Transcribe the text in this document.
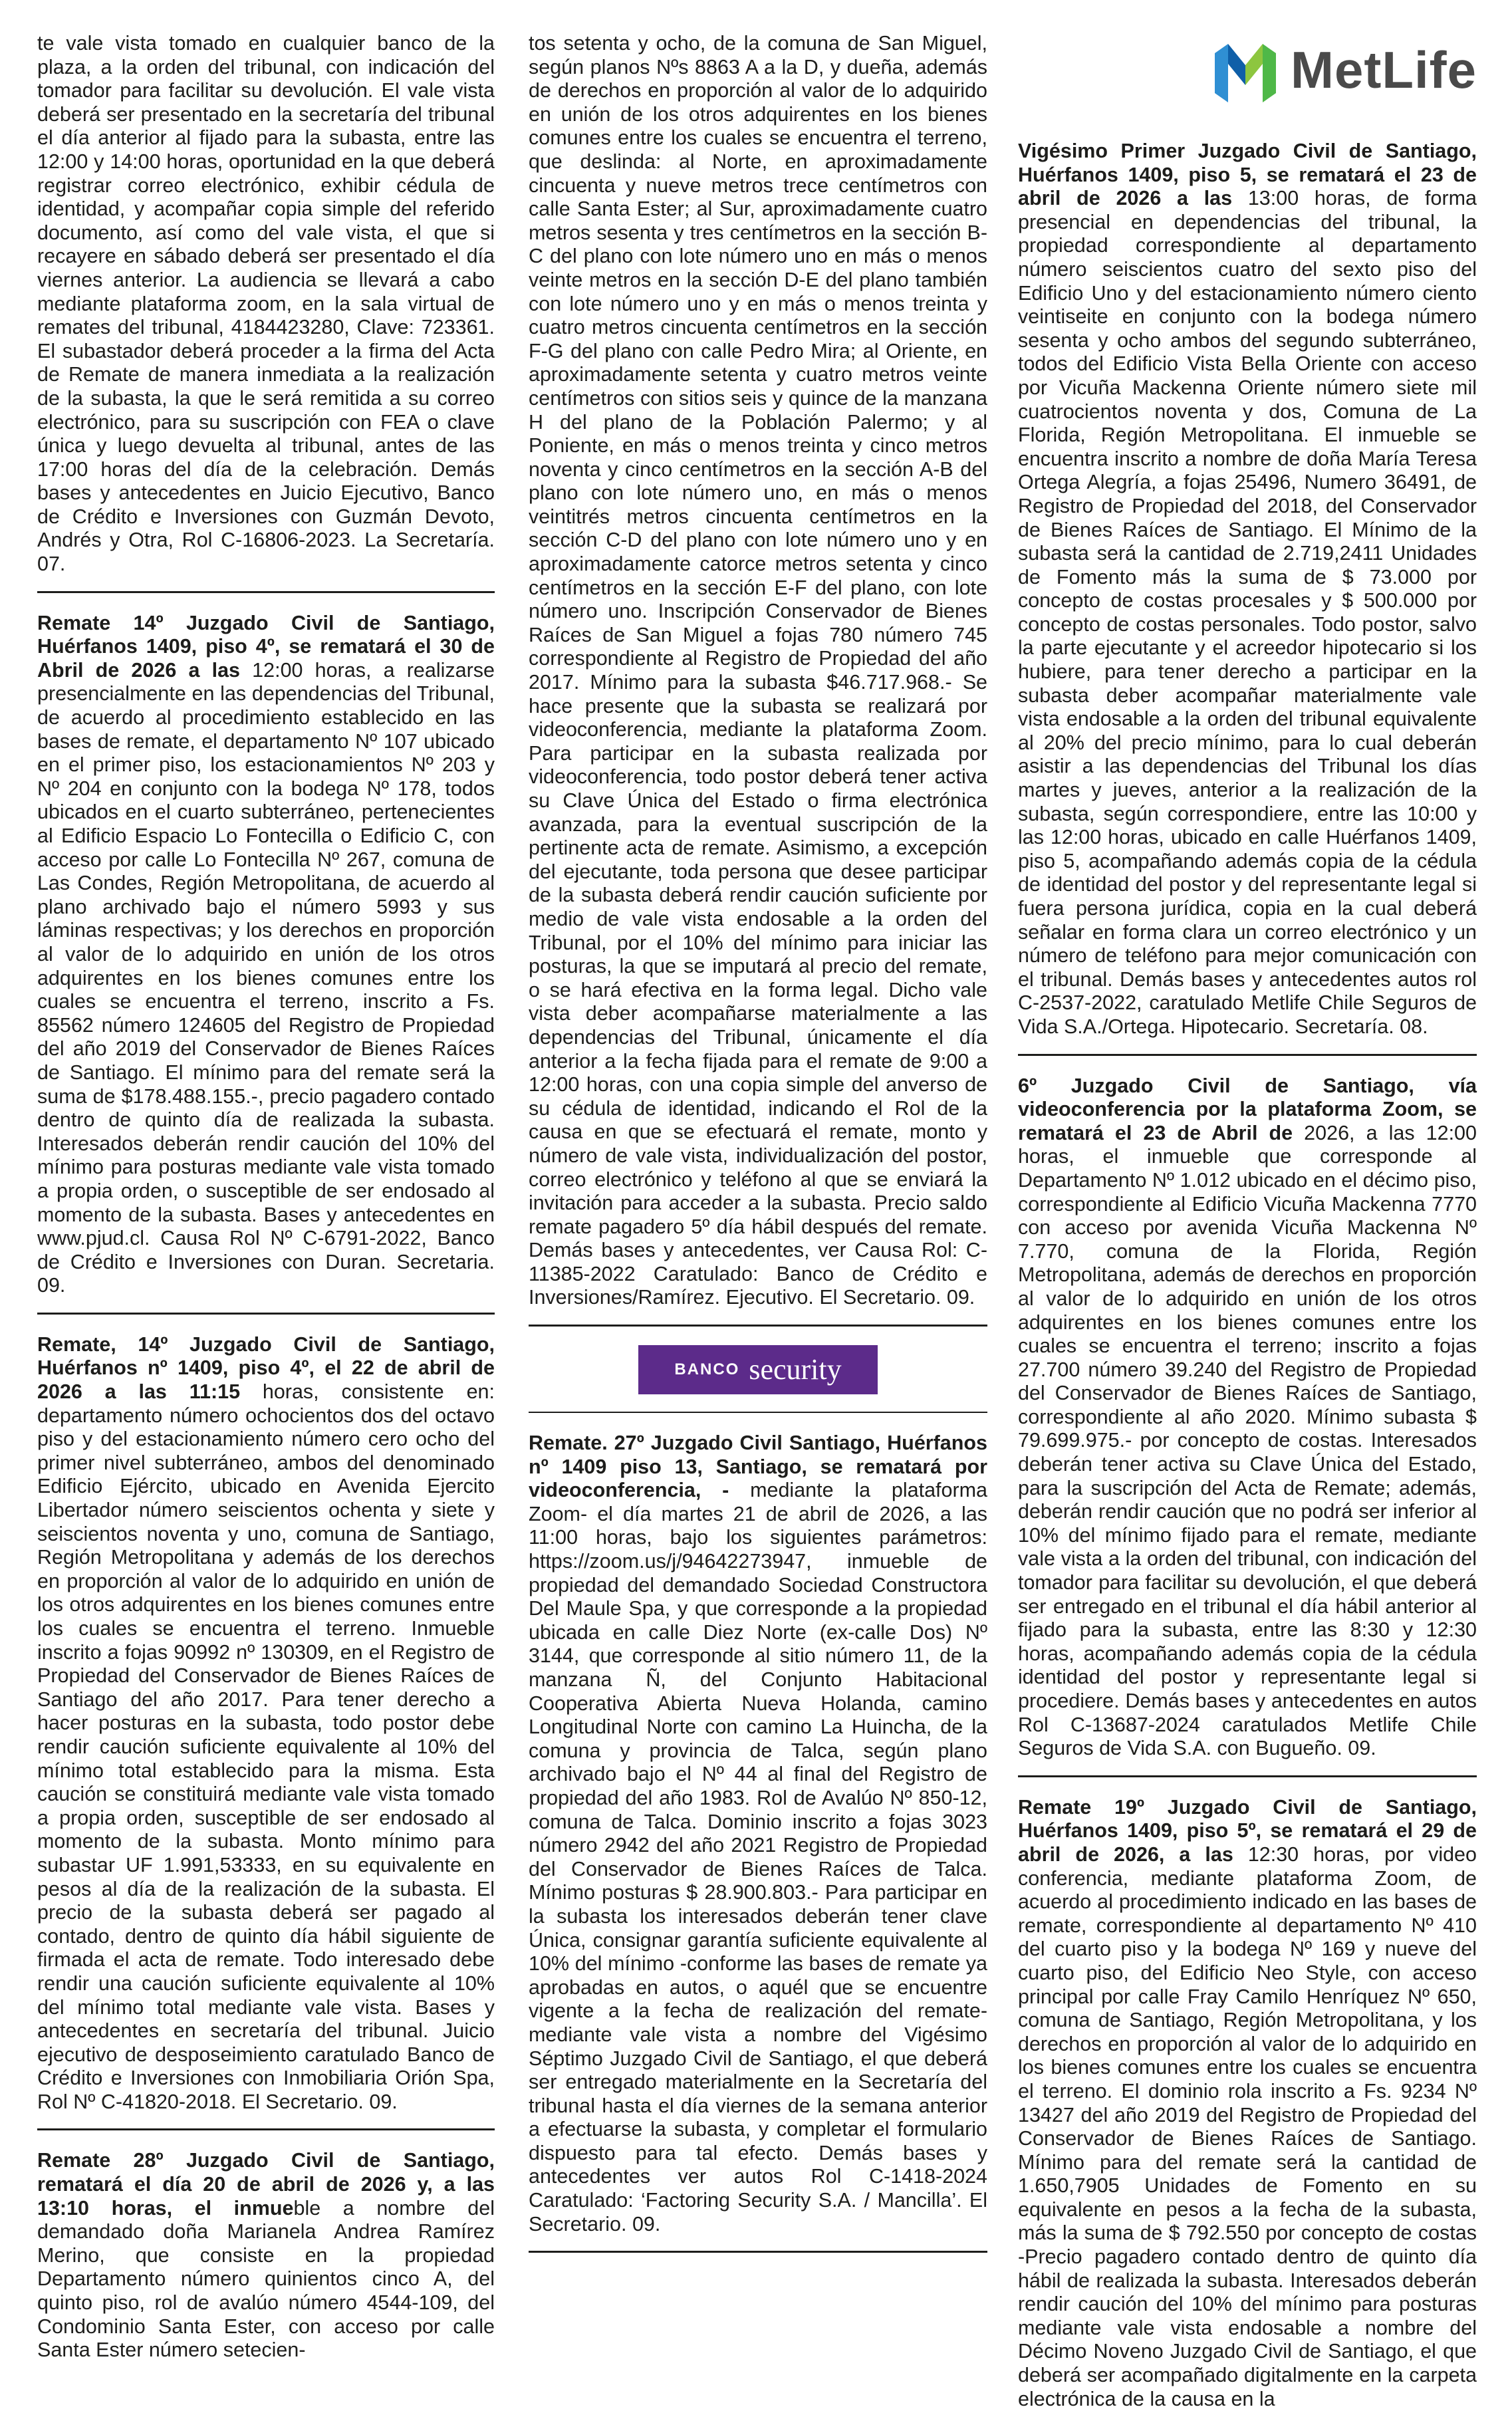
te vale vista tomado en cualquier banco de la plaza, a la orden del tribunal, con indicación del tomador para facilitar su devolución. El vale vista deberá ser presentado en la secretaría del tribunal el día anterior al fijado para la subasta, entre las 12:00 y 14:00 horas, oportunidad en la que deberá registrar correo electrónico, exhibir cédula de identidad, y acompañar copia simple del referido documento, así como del vale vista, el que si recayere en sábado deberá ser presentado el día viernes anterior. La audiencia se llevará a cabo mediante plataforma zoom, en la sala virtual de remates del tribunal, 4184423280, Clave: 723361. El subastador deberá proceder a la firma del Acta de Remate de manera inmediata a la realización de la subasta, la que le será remitida a su correo electrónico, para su suscripción con FEA o clave única y luego devuelta al tribunal, antes de las 17:00 horas del día de la celebración. Demás bases y antecedentes en Juicio Ejecutivo, Banco de Crédito e Inversiones con Guzmán Devoto, Andrés y Otra, Rol C-16806-2023. La Secretaría. 07.

Remate 14º Juzgado Civil de Santiago, Huérfanos 1409, piso 4º, se rematará el 30 de Abril de 2026 a las 12:00 horas, a realizarse presencialmente en las dependencias del Tribunal, de acuerdo al procedimiento establecido en las bases de remate, el departamento Nº 107 ubicado en el primer piso, los estacionamientos Nº 203 y Nº 204 en conjunto con la bodega Nº 178, todos ubicados en el cuarto subterráneo, pertenecientes al Edificio Espacio Lo Fontecilla o Edificio C, con acceso por calle Lo Fontecilla Nº 267, comuna de Las Condes, Región Metropolitana, de acuerdo al plano archivado bajo el número 5993 y sus láminas respectivas; y los derechos en proporción al valor de lo adquirido en unión de los otros adquirentes en los bienes comunes entre los cuales se encuentra el terreno, inscrito a Fs. 85562 número 124605 del Registro de Propiedad del año 2019 del Conservador de Bienes Raíces de Santiago. El mínimo para del remate será la suma de $178.488.155.-, precio pagadero contado dentro de quinto día de realizada la subasta. Interesados deberán rendir caución del 10% del mínimo para posturas mediante vale vista tomado a propia orden, o susceptible de ser endosado al momento de la subasta. Bases y antecedentes en www.pjud.cl. Causa Rol Nº C-6791-2022, Banco de Crédito e Inversiones con Duran. Secretaria. 09.

Remate, 14º Juzgado Civil de Santiago, Huérfanos nº 1409, piso 4º, el 22 de abril de 2026 a las 11:15 horas, consistente en: departamento número ochocientos dos del octavo piso y del estacionamiento número cero ocho del primer nivel subterráneo, ambos del denominado Edificio Ejército, ubicado en Avenida Ejercito Libertador número seiscientos ochenta y siete y seiscientos noventa y uno, comuna de Santiago, Región Metropolitana y además de los derechos en proporción al valor de lo adquirido en unión de los otros adquirentes en los bienes comunes entre los cuales se encuentra el terreno. Inmueble inscrito a fojas 90992 nº 130309, en el Registro de Propiedad del Conservador de Bienes Raíces de Santiago del año 2017. Para tener derecho a hacer posturas en la subasta, todo postor debe rendir caución suficiente equivalente al 10% del mínimo total establecido para la misma. Esta caución se constituirá mediante vale vista tomado a propia orden, susceptible de ser endosado al momento de la subasta. Monto mínimo para subastar UF 1.991,53333, en su equivalente en pesos al día de la realización de la subasta. El precio de la subasta deberá ser pagado al contado, dentro de quinto día hábil siguiente de firmada el acta de remate. Todo interesado debe rendir una caución suficiente equivalente al 10% del mínimo total mediante vale vista. Bases y antecedentes en secretaría del tribunal. Juicio ejecutivo de desposeimiento caratulado Banco de Crédito e Inversiones con Inmobiliaria Orión Spa, Rol Nº C-41820-2018. El Secretario. 09.

Remate 28º Juzgado Civil de Santiago, rematará el día 20 de abril de 2026 y, a las 13:10 horas, el inmueble a nombre del demandado doña Marianela Andrea Ramírez Merino, que consiste en la propiedad Departamento número quinientos cinco A, del quinto piso, rol de avalúo número 4544-109, del Condominio Santa Ester, con acceso por calle Santa Ester número setecien-

tos setenta y ocho, de la comuna de San Miguel, según planos Nºs 8863 A a la D, y dueña, además de derechos en proporción al valor de lo adquirido en unión de los otros adquirentes en los bienes comunes entre los cuales se encuentra el terreno, que deslinda: al Norte, en aproximadamente cincuenta y nueve metros trece centímetros con calle Santa Ester; al Sur, aproximadamente cuatro metros sesenta y tres centímetros en la sección B-C del plano con lote número uno en más o menos veinte metros en la sección D-E del plano también con lote número uno y en más o menos treinta y cuatro metros cincuenta centímetros en la sección F-G del plano con calle Pedro Mira; al Oriente, en aproximadamente setenta y cuatro metros veinte centímetros con sitios seis y quince de la manzana H del plano de la Población Palermo; y al Poniente, en más o menos treinta y cinco metros noventa y cinco centímetros en la sección A-B del plano con lote número uno, en más o menos veintitrés metros cincuenta centímetros en la sección C-D del plano con lote número uno y en aproximadamente catorce metros setenta y cinco centímetros en la sección E-F del plano, con lote número uno. Inscripción Conservador de Bienes Raíces de San Miguel a fojas 780 número 745 correspondiente al Registro de Propiedad del año 2017. Mínimo para la subasta $46.717.968.- Se hace presente que la subasta se realizará por videoconferencia, mediante la plataforma Zoom. Para participar en la subasta realizada por videoconferencia, todo postor deberá tener activa su Clave Única del Estado o firma electrónica avanzada, para la eventual suscripción de la pertinente acta de remate. Asimismo, a excepción del ejecutante, toda persona que desee participar de la subasta deberá rendir caución suficiente por medio de vale vista endosable a la orden del Tribunal, por el 10% del mínimo para iniciar las posturas, la que se imputará al precio del remate, o se hará efectiva en la forma legal. Dicho vale vista deber acompañarse materialmente a las dependencias del Tribunal, únicamente el día anterior a la fecha fijada para el remate de 9:00 a 12:00 horas, con una copia simple del anverso de su cédula de identidad, indicando el Rol de la causa en que se efectuará el remate, monto y número de vale vista, individualización del postor, correo electrónico y teléfono al que se enviará la invitación para acceder a la subasta. Precio saldo remate pagadero 5º día hábil después del remate. Demás bases y antecedentes, ver Causa Rol: C-11385-2022 Caratulado: Banco de Crédito e Inversiones/Ramírez. Ejecutivo. El Secretario. 09.

BANCO security

Remate. 27º Juzgado Civil Santiago, Huérfanos nº 1409 piso 13, Santiago, se rematará por videoconferencia, - mediante la plataforma Zoom- el día martes 21 de abril de 2026, a las 11:00 horas, bajo los siguientes parámetros: https://zoom.us/j/94642273947, inmueble de propiedad del demandado Sociedad Constructora Del Maule Spa, y que corresponde a la propiedad ubicada en calle Diez Norte (ex-calle Dos) Nº 3144, que corresponde al sitio número 11, de la manzana Ñ, del Conjunto Habitacional Cooperativa Abierta Nueva Holanda, camino Longitudinal Norte con camino La Huincha, de la comuna y provincia de Talca, según plano archivado bajo el Nº 44 al final del Registro de propiedad del año 1983. Rol de Avalúo Nº 850-12, comuna de Talca. Dominio inscrito a fojas 3023 número 2942 del año 2021 Registro de Propiedad del Conservador de Bienes Raíces de Talca. Mínimo posturas $ 28.900.803.- Para participar en la subasta los interesados deberán tener clave Única, consignar garantía suficiente equivalente al 10% del mínimo -conforme las bases de remate ya aprobadas en autos, o aquél que se encuentre vigente a la fecha de realización del remate- mediante vale vista a nombre del Vigésimo Séptimo Juzgado Civil de Santiago, el que deberá ser entregado materialmente en la Secretaría del tribunal hasta el día viernes de la semana anterior a efectuarse la subasta, y completar el formulario dispuesto para tal efecto. Demás bases y antecedentes ver autos Rol C-1418-2024 Caratulado: ‘Factoring Security S.A. / Mancilla’. El Secretario. 09.

MetLife

Vigésimo Primer Juzgado Civil de Santiago, Huérfanos 1409, piso 5, se rematará el 23 de abril de 2026 a las 13:00 horas, de forma presencial en dependencias del tribunal, la propiedad correspondiente al departamento número seiscientos cuatro del sexto piso del Edificio Uno y del estacionamiento número ciento veintiseite en conjunto con la bodega número sesenta y ocho ambos del segundo subterráneo, todos del Edificio Vista Bella Oriente con acceso por Vicuña Mackenna Oriente número siete mil cuatrocientos noventa y dos, Comuna de La Florida, Región Metropolitana. El inmueble se encuentra inscrito a nombre de doña María Teresa Ortega Alegría, a fojas 25496, Numero 36491, de Registro de Propiedad del 2018, del Conservador de Bienes Raíces de Santiago. El Mínimo de la subasta será la cantidad de 2.719,2411 Unidades de Fomento más la suma de $ 73.000 por concepto de costas procesales y $ 500.000 por concepto de costas personales. Todo postor, salvo la parte ejecutante y el acreedor hipotecario si los hubiere, para tener derecho a participar en la subasta deber acompañar materialmente vale vista endosable a la orden del tribunal equivalente al 20% del precio mínimo, para lo cual deberán asistir a las dependencias del Tribunal los días martes y jueves, anterior a la realización de la subasta, según correspondiere, entre las 10:00 y las 12:00 horas, ubicado en calle Huérfanos 1409, piso 5, acompañando además copia de la cédula de identidad del postor y del representante legal si fuera persona jurídica, copia en la cual deberá señalar en forma clara un correo electrónico y un número de teléfono para mejor comunicación con el tribunal. Demás bases y antecedentes autos rol C-2537-2022, caratulado Metlife Chile Seguros de Vida S.A./Ortega. Hipotecario. Secretaría. 08.

6º Juzgado Civil de Santiago, vía videoconferencia por la plataforma Zoom, se rematará el 23 de Abril de 2026, a las 12:00 horas, el inmueble que corresponde al Departamento Nº 1.012 ubicado en el décimo piso, correspondiente al Edificio Vicuña Mackenna 7770 con acceso por avenida Vicuña Mackenna Nº 7.770, comuna de la Florida, Región Metropolitana, además de derechos en proporción al valor de lo adquirido en unión de los otros adquirentes en los bienes comunes entre los cuales se encuentra el terreno; inscrito a fojas 27.700 número 39.240 del Registro de Propiedad del Conservador de Bienes Raíces de Santiago, correspondiente al año 2020. Mínimo subasta $ 79.699.975.- por concepto de costas. Interesados deberán tener activa su Clave Única del Estado, para la suscripción del Acta de Remate; además, deberán rendir caución que no podrá ser inferior al 10% del mínimo fijado para el remate, mediante vale vista a la orden del tribunal, con indicación del tomador para facilitar su devolución, el que deberá ser entregado en el tribunal el día hábil anterior al fijado para la subasta, entre las 8:30 y 12:30 horas, acompañando además copia de la cédula identidad del postor y representante legal si procediere. Demás bases y antecedentes en autos Rol C-13687-2024 caratulados Metlife Chile Seguros de Vida S.A. con Bugueño. 09.

Remate 19º Juzgado Civil de Santiago, Huérfanos 1409, piso 5º, se rematará el 29 de abril de 2026, a las 12:30 horas, por video conferencia, mediante plataforma Zoom, de acuerdo al procedimiento indicado en las bases de remate, correspondiente al departamento Nº 410 del cuarto piso y la bodega Nº 169 y nueve del cuarto piso, del Edificio Neo Style, con acceso principal por calle Fray Camilo Henríquez Nº 650, comuna de Santiago, Región Metropolitana, y los derechos en proporción al valor de lo adquirido en los bienes comunes entre los cuales se encuentra el terreno. El dominio rola inscrito a Fs. 9234 Nº 13427 del año 2019 del Registro de Propiedad del Conservador de Bienes Raíces de Santiago. Mínimo para del remate será la cantidad de 1.650,7905 Unidades de Fomento en su equivalente en pesos a la fecha de la subasta, más la suma de $ 792.550 por concepto de costas -Precio pagadero contado dentro de quinto día hábil de realizada la subasta. Interesados deberán rendir caución del 10% del mínimo para posturas mediante vale vista endosable a nombre del Décimo Noveno Juzgado Civil de Santiago, el que deberá ser acompañado digitalmente en la carpeta electrónica de la causa en la
